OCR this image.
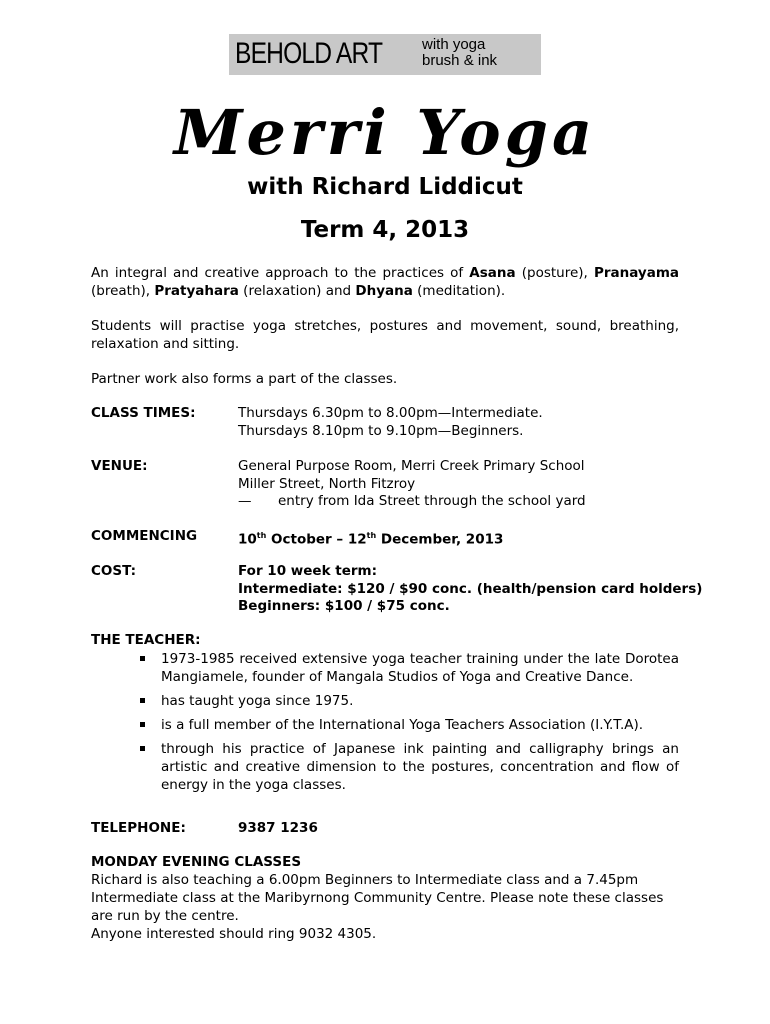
BEHOLD ART	with yoga
brush & ink
Merri Yoga
with Richard Liddicut
Term 4, 2013
An integral and creative approach to the practices of Asana (posture), Pranayama (breath), Pratyahara (relaxation) and Dhyana (meditation).
Students will practise yoga stretches, postures and movement, sound, breathing, relaxation and sitting.
Partner work also forms a part of the classes.
CLASS TIMES:	Thursdays 6.30pm to 8.00pm—Intermediate.
Thursdays 8.10pm to 9.10pm—Beginners.
VENUE:	General Purpose Room, Merri Creek Primary School
Miller Street, North Fitzroy
— entry from Ida Street through the school yard
COMMENCING	10th October – 12th December, 2013
COST:	For 10 week term:
Intermediate: $120 / $90 conc. (health/pension card holders)
Beginners: $100 / $75 conc.
THE TEACHER:
1973-1985 received extensive yoga teacher training under the late Dorotea Mangiamele, founder of Mangala Studios of Yoga and Creative Dance.
has taught yoga since 1975.
is a full member of the International Yoga Teachers Association (I.Y.T.A).
through his practice of Japanese ink painting and calligraphy brings an artistic and creative dimension to the postures, concentration and flow of energy in the yoga classes.
TELEPHONE:	9387 1236
MONDAY EVENING CLASSES
Richard is also teaching a 6.00pm Beginners to Intermediate class and a 7.45pm Intermediate class at the Maribyrnong Community Centre. Please note these classes are run by the centre.
Anyone interested should ring 9032 4305.
